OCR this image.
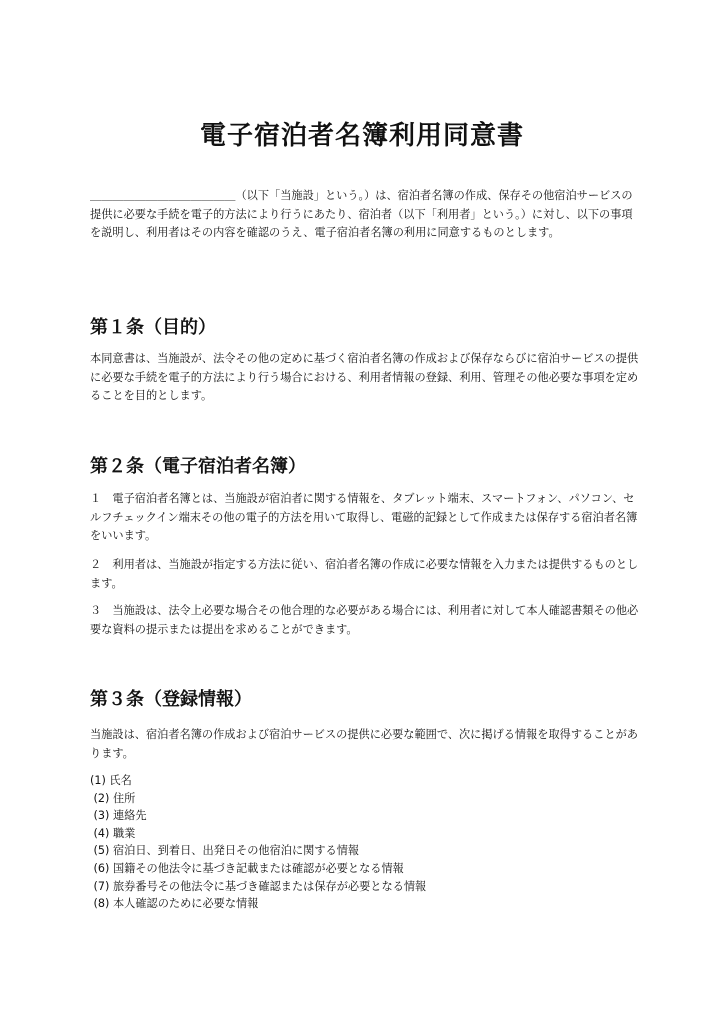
電子宿泊者名簿利用同意書

＿＿＿＿＿＿＿＿＿＿＿＿＿（以下「当施設」という。）は、宿泊者名簿の作成、保存その他宿泊サービスの提供に必要な手続を電子的方法により行うにあたり、宿泊者（以下「利用者」という。）に対し、以下の事項を説明し、利用者はその内容を確認のうえ、電子宿泊者名簿の利用に同意するものとします。

第１条（目的）

本同意書は、当施設が、法令その他の定めに基づく宿泊者名簿の作成および保存ならびに宿泊サービスの提供に必要な手続を電子的方法により行う場合における、利用者情報の登録、利用、管理その他必要な事項を定めることを目的とします。

第２条（電子宿泊者名簿）

１　電子宿泊者名簿とは、当施設が宿泊者に関する情報を、タブレット端末、スマートフォン、パソコン、セルフチェックイン端末その他の電子的方法を用いて取得し、電磁的記録として作成または保存する宿泊者名簿をいいます。

２　利用者は、当施設が指定する方法に従い、宿泊者名簿の作成に必要な情報を入力または提供するものとします。

３　当施設は、法令上必要な場合その他合理的な必要がある場合には、利用者に対して本人確認書類その他必要な資料の提示または提出を求めることができます。

第３条（登録情報）

当施設は、宿泊者名簿の作成および宿泊サービスの提供に必要な範囲で、次に掲げる情報を取得することがあります。

(1) 氏名
(2) 住所
(3) 連絡先
(4) 職業
(5) 宿泊日、到着日、出発日その他宿泊に関する情報
(6) 国籍その他法令に基づき記載または確認が必要となる情報
(7) 旅券番号その他法令に基づき確認または保存が必要となる情報
(8) 本人確認のために必要な情報
